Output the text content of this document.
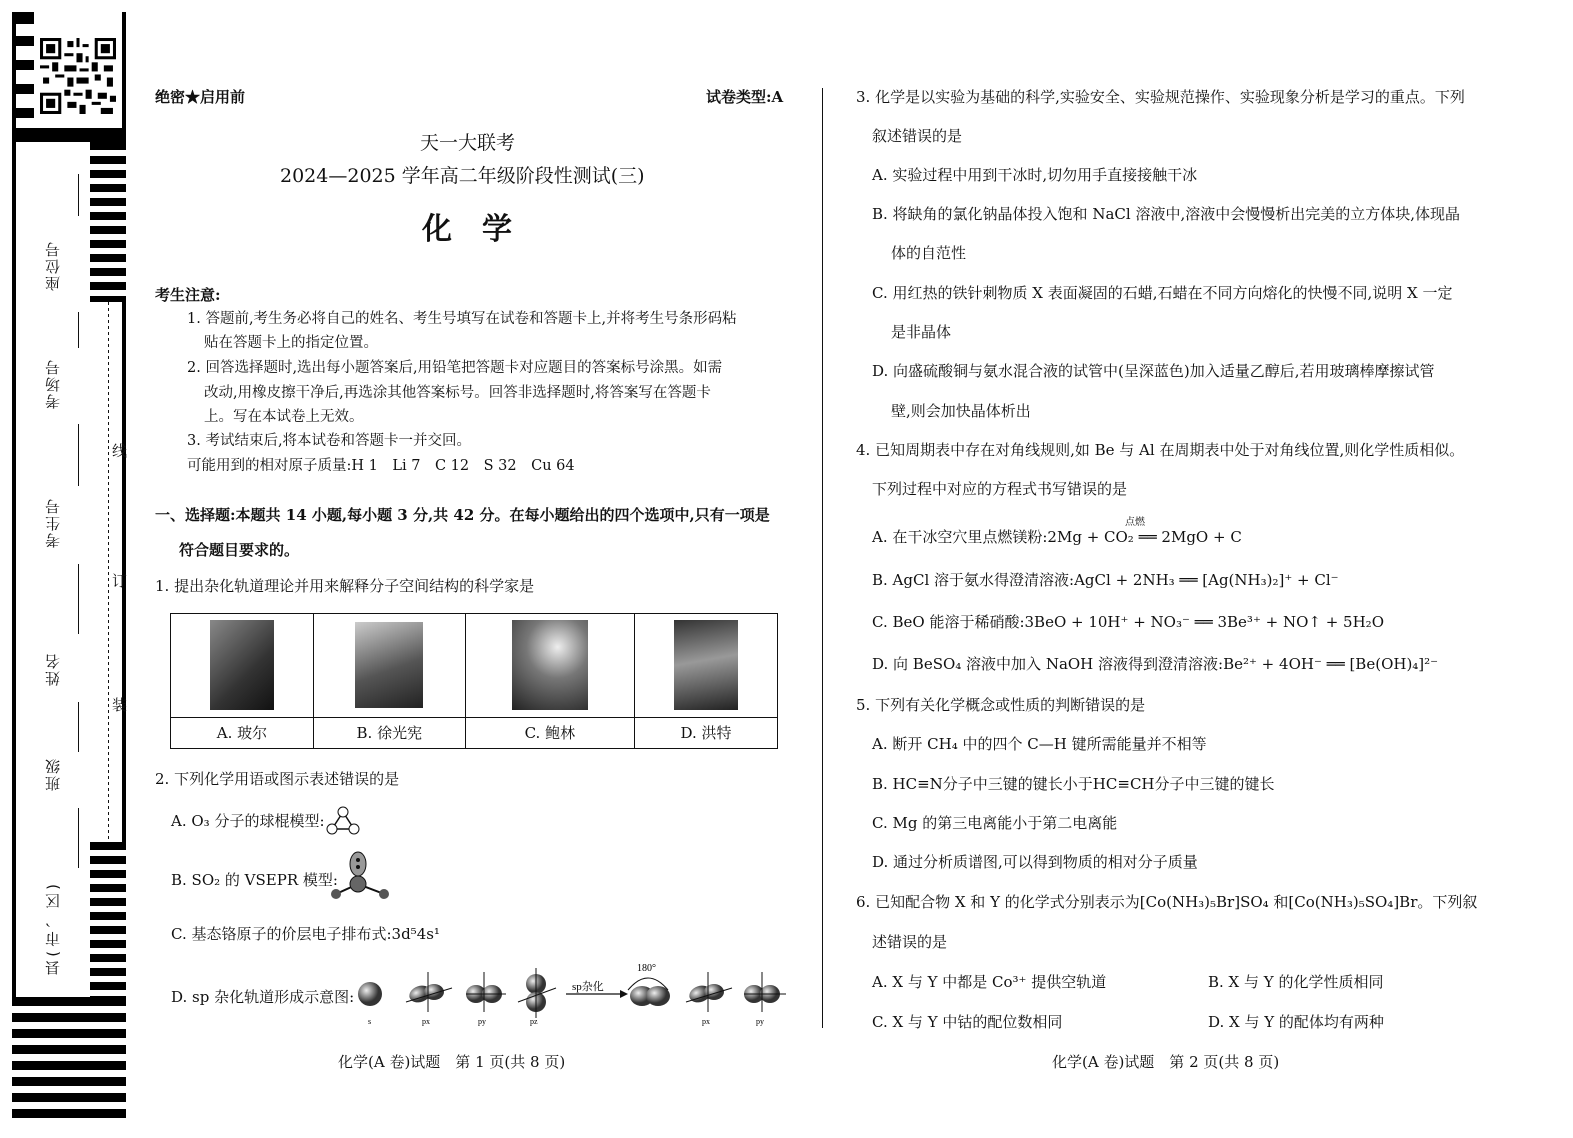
座位号
考场号
考生号
姓名
班级
县(市、区)
线
订
装
绝密★启用前	试卷类型:A
天一大联考
2024—2025 学年高二年级阶段性测试(三)
化　学
考生注意:
1. 答题前,考生务必将自己的姓名、考生号填写在试卷和答题卡上,并将考生号条形码粘
贴在答题卡上的指定位置。
2. 回答选择题时,选出每小题答案后,用铅笔把答题卡对应题目的答案标号涂黑。如需
改动,用橡皮擦干净后,再选涂其他答案标号。回答非选择题时,将答案写在答题卡
上。写在本试卷上无效。
3. 考试结束后,将本试卷和答题卡一并交回。
可能用到的相对原子质量:H 1　Li 7　C 12　S 32　Cu 64
一、选择题:本题共 14 小题,每小题 3 分,共 42 分。在每小题给出的四个选项中,只有一项是
符合题目要求的。
1. 提出杂化轨道理论并用来解释分子空间结构的科学家是

A. 玻尔	B. 徐光宪	C. 鲍林	D. 洪特
2. 下列化学用语或图示表述错误的是
A. O₃ 分子的球棍模型:
B. SO₂ 的 VSEPR 模型:
C. 基态铬原子的价层电子排布式:3d⁵4s¹
D. sp 杂化轨道形成示意图:
sp杂化
180°
s	px	py	pz	px	py
化学(A 卷)试题　第 1 页(共 8 页)
3. 化学是以实验为基础的科学,实验安全、实验规范操作、实验现象分析是学习的重点。下列
叙述错误的是
A. 实验过程中用到干冰时,切勿用手直接接触干冰
B. 将缺角的氯化钠晶体投入饱和 NaCl 溶液中,溶液中会慢慢析出完美的立方体块,体现晶
体的自范性
C. 用红热的铁针刺物质 X 表面凝固的石蜡,石蜡在不同方向熔化的快慢不同,说明 X 一定
是非晶体
D. 向盛硫酸铜与氨水混合液的试管中(呈深蓝色)加入适量乙醇后,若用玻璃棒摩擦试管
壁,则会加快晶体析出
4. 已知周期表中存在对角线规则,如 Be 与 Al 在周期表中处于对角线位置,则化学性质相似。
下列过程中对应的方程式书写错误的是
点燃
A. 在干冰空穴里点燃镁粉:2Mg + CO₂ ══ 2MgO + C
B. AgCl 溶于氨水得澄清溶液:AgCl + 2NH₃ ══ [Ag(NH₃)₂]⁺ + Cl⁻
C. BeO 能溶于稀硝酸:3BeO + 10H⁺ + NO₃⁻ ══ 3Be³⁺ + NO↑ + 5H₂O
D. 向 BeSO₄ 溶液中加入 NaOH 溶液得到澄清溶液:Be²⁺ + 4OH⁻ ══ [Be(OH)₄]²⁻
5. 下列有关化学概念或性质的判断错误的是
A. 断开 CH₄ 中的四个 C—H 键所需能量并不相等
B. HC≡N分子中三键的键长小于HC≡CH分子中三键的键长
C. Mg 的第三电离能小于第二电离能
D. 通过分析质谱图,可以得到物质的相对分子质量
6. 已知配合物 X 和 Y 的化学式分别表示为[Co(NH₃)₅Br]SO₄ 和[Co(NH₃)₅SO₄]Br。下列叙
述错误的是
A. X 与 Y 中都是 Co³⁺ 提供空轨道	B. X 与 Y 的化学性质相同
C. X 与 Y 中钴的配位数相同	D. X 与 Y 的配体均有两种
化学(A 卷)试题　第 2 页(共 8 页)
